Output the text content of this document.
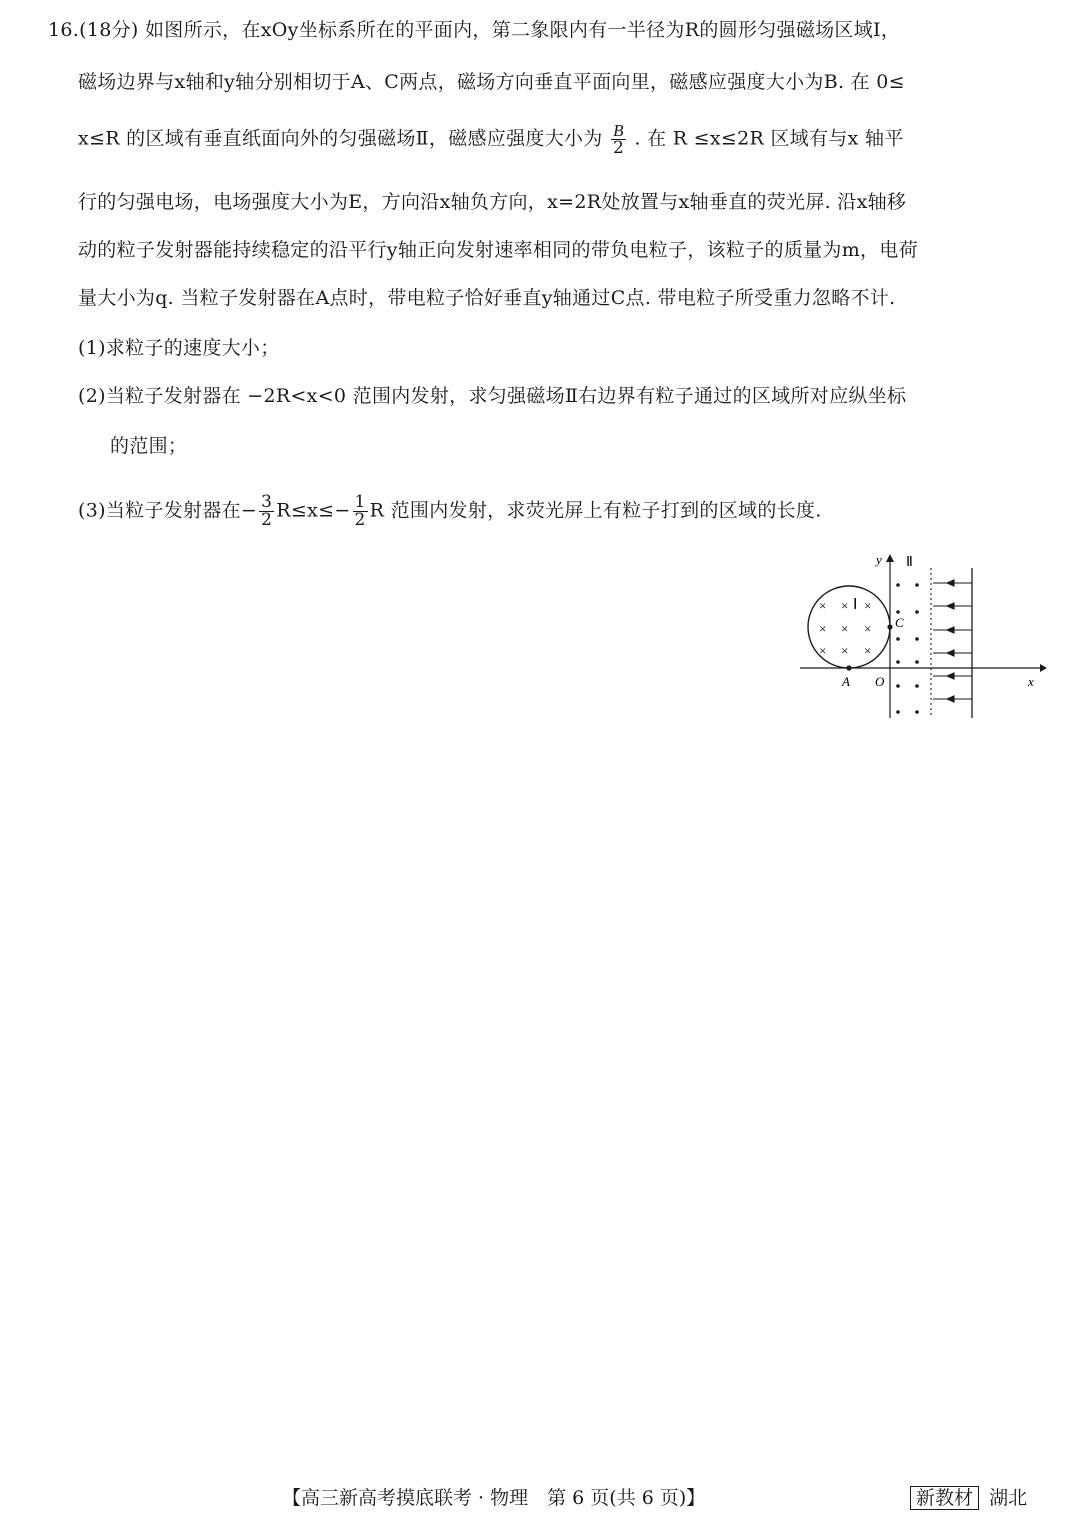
16.(18分) 如图所示，在xOy坐标系所在的平面内，第二象限内有一半径为R的圆形匀强磁场区域Ⅰ，
磁场边界与x轴和y轴分别相切于A、C两点，磁场方向垂直平面向里，磁感应强度大小为B. 在 0≤
x≤R 的区域有垂直纸面向外的匀强磁场Ⅱ，磁感应强度大小为 $\frac{B}{2}$ . 在 R ≤x≤2R 区域有与x 轴平
行的匀强电场，电场强度大小为E，方向沿x轴负方向，x=2R处放置与x轴垂直的荧光屏. 沿x轴移
动的粒子发射器能持续稳定的沿平行y轴正向发射速率相同的带负电粒子，该粒子的质量为m，电荷
量大小为q. 当粒子发射器在A点时，带电粒子恰好垂直y轴通过C点. 带电粒子所受重力忽略不计.
(1)求粒子的速度大小；
(2)当粒子发射器在 −2R<x<0 范围内发射，求匀强磁场Ⅱ右边界有粒子通过的区域所对应纵坐标
的范围；
(3)当粒子发射器在− $\frac{3}{2} R\le x\le- \frac{1}{2}$ R 范围内发射，求荧光屏上有粒子打到的区域的长度.
y
x
O
Ⅱ
× × ×
× × ×
× × ×
Ⅰ
A
C
【高三新高考摸底联考 · 物理　第 6 页(共 6 页)】	新教材 湖北
